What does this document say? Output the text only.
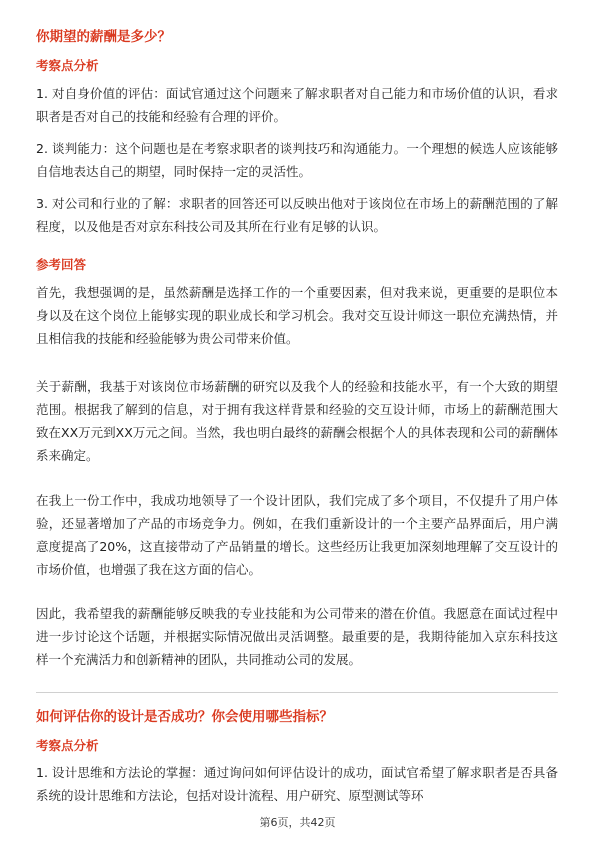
你期望的薪酬是多少？
考察点分析

1. 对自身价值的评估：面试官通过这个问题来了解求职者对自己能力和市场价值的认识，看求职者是否对自己的技能和经验有合理的评价。

2. 谈判能力：这个问题也是在考察求职者的谈判技巧和沟通能力。一个理想的候选人应该能够自信地表达自己的期望，同时保持一定的灵活性。

3. 对公司和行业的了解：求职者的回答还可以反映出他对于该岗位在市场上的薪酬范围的了解程度，以及他是否对京东科技公司及其所在行业有足够的认识。

参考回答

首先，我想强调的是，虽然薪酬是选择工作的一个重要因素，但对我来说，更重要的是职位本身以及在这个岗位上能够实现的职业成长和学习机会。我对交互设计师这一职位充满热情，并且相信我的技能和经验能够为贵公司带来价值。

关于薪酬，我基于对该岗位市场薪酬的研究以及我个人的经验和技能水平，有一个大致的期望范围。根据我了解到的信息，对于拥有我这样背景和经验的交互设计师，市场上的薪酬范围大致在XX万元到XX万元之间。当然，我也明白最终的薪酬会根据个人的具体表现和公司的薪酬体系来确定。

在我上一份工作中，我成功地领导了一个设计团队，我们完成了多个项目，不仅提升了用户体验，还显著增加了产品的市场竞争力。例如，在我们重新设计的一个主要产品界面后，用户满意度提高了20%，这直接带动了产品销量的增长。这些经历让我更加深刻地理解了交互设计的市场价值，也增强了我在这方面的信心。

因此，我希望我的薪酬能够反映我的专业技能和为公司带来的潜在价值。我愿意在面试过程中进一步讨论这个话题，并根据实际情况做出灵活调整。最重要的是，我期待能加入京东科技这样一个充满活力和创新精神的团队，共同推动公司的发展。

如何评估你的设计是否成功？你会使用哪些指标？
考察点分析

1. 设计思维和方法论的掌握：通过询问如何评估设计的成功，面试官希望了解求职者是否具备系统的设计思维和方法论，包括对设计流程、用户研究、原型测试等环

第6页，共42页
